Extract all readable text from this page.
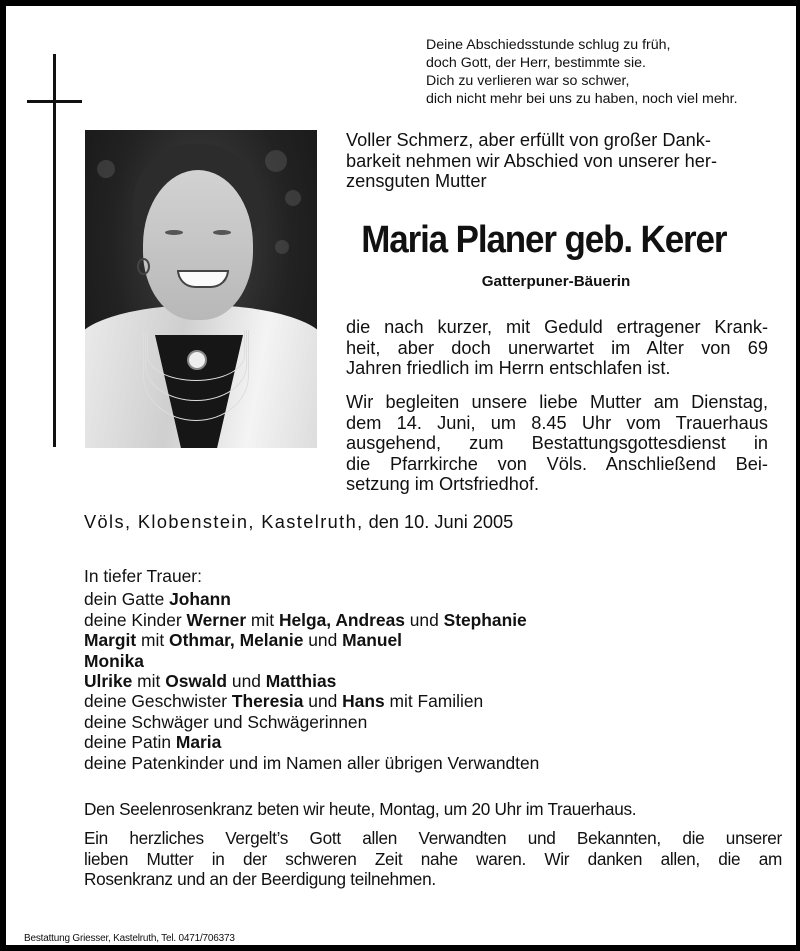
Deine Abschiedsstunde schlug zu früh,
doch Gott, der Herr, bestimmte sie.
Dich zu verlieren war so schwer,
dich nicht mehr bei uns zu haben, noch viel mehr.
Voller Schmerz, aber erfüllt von großer Dank-
barkeit nehmen wir Abschied von unserer her-
zensguten Mutter
Maria Planer geb. Kerer
Gatterpuner-Bäuerin
die nach kurzer, mit Geduld ertragener Krank-
heit, aber doch unerwartet im Alter von 69
Jahren friedlich im Herrn entschlafen ist.
Wir begleiten unsere liebe Mutter am Dienstag,
dem 14. Juni, um 8.45 Uhr vom Trauerhaus
ausgehend, zum Bestattungsgottesdienst in
die Pfarrkirche von Völs. Anschließend Bei-
setzung im Ortsfriedhof.
Völs, Klobenstein, Kastelruth, den 10. Juni 2005
In tiefer Trauer:
dein Gatte Johann
deine Kinder Werner mit Helga, Andreas und Stephanie
Margit mit Othmar, Melanie und Manuel
Monika
Ulrike mit Oswald und Matthias
deine Geschwister Theresia und Hans mit Familien
deine Schwäger und Schwägerinnen
deine Patin Maria
deine Patenkinder und im Namen aller übrigen Verwandten
Den Seelenrosenkranz beten wir heute, Montag, um 20 Uhr im Trauerhaus.
Ein herzliches Vergelt’s Gott allen Verwandten und Bekannten, die unserer
lieben Mutter in der schweren Zeit nahe waren. Wir danken allen, die am
Rosenkranz und an der Beerdigung teilnehmen.
Bestattung Griesser, Kastelruth, Tel. 0471/706373
